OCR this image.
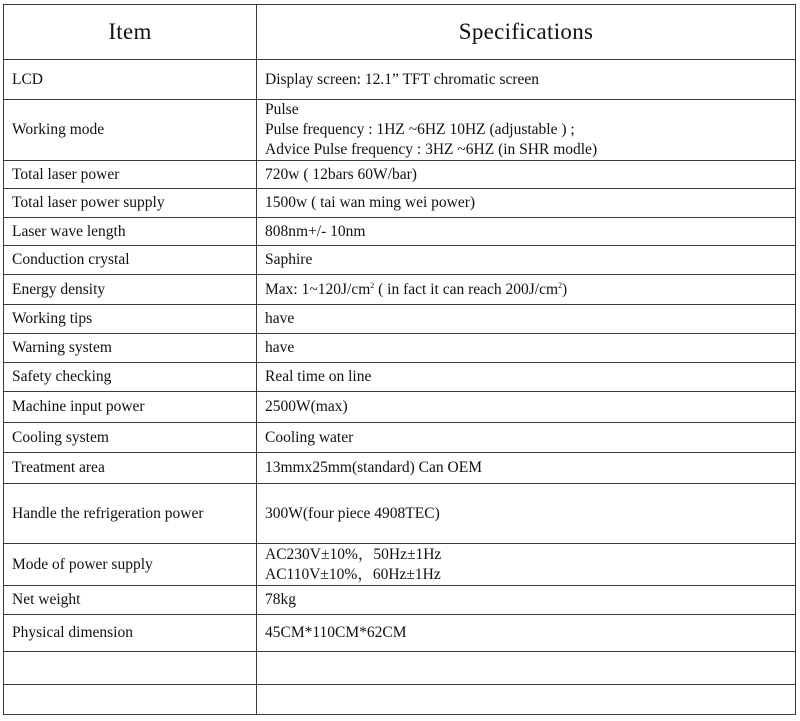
Item	Specifications
LCD	Display screen: 12.1” TFT chromatic screen
Working mode	Pulse
Pulse frequency : 1HZ ~6HZ 10HZ (adjustable ) ;
Advice Pulse frequency : 3HZ ~6HZ (in SHR modle)

Total laser power	720w ( 12bars 60W/bar)
Total laser power supply	1500w ( tai wan ming wei power)
Laser wave length	808nm+/- 10nm
Conduction crystal	Saphire
Energy density	Max: $1\sim 120J/cm^2$ ( in fact it can reach $200J/cm^2$)
Working tips	have
Warning system	have
Safety checking	Real time on line
Machine input power	2500W(max)
Cooling system	Cooling water
Treatment area	13mmx25mm(standard) Can OEM
Handle the refrigeration power	300W(four piece 4908TEC)
Mode of power supply	AC230V±10%，50Hz±1Hz
AC110V±10%，60Hz±1Hz

Net weight	78kg
Physical dimension	45CM*110CM*62CM
